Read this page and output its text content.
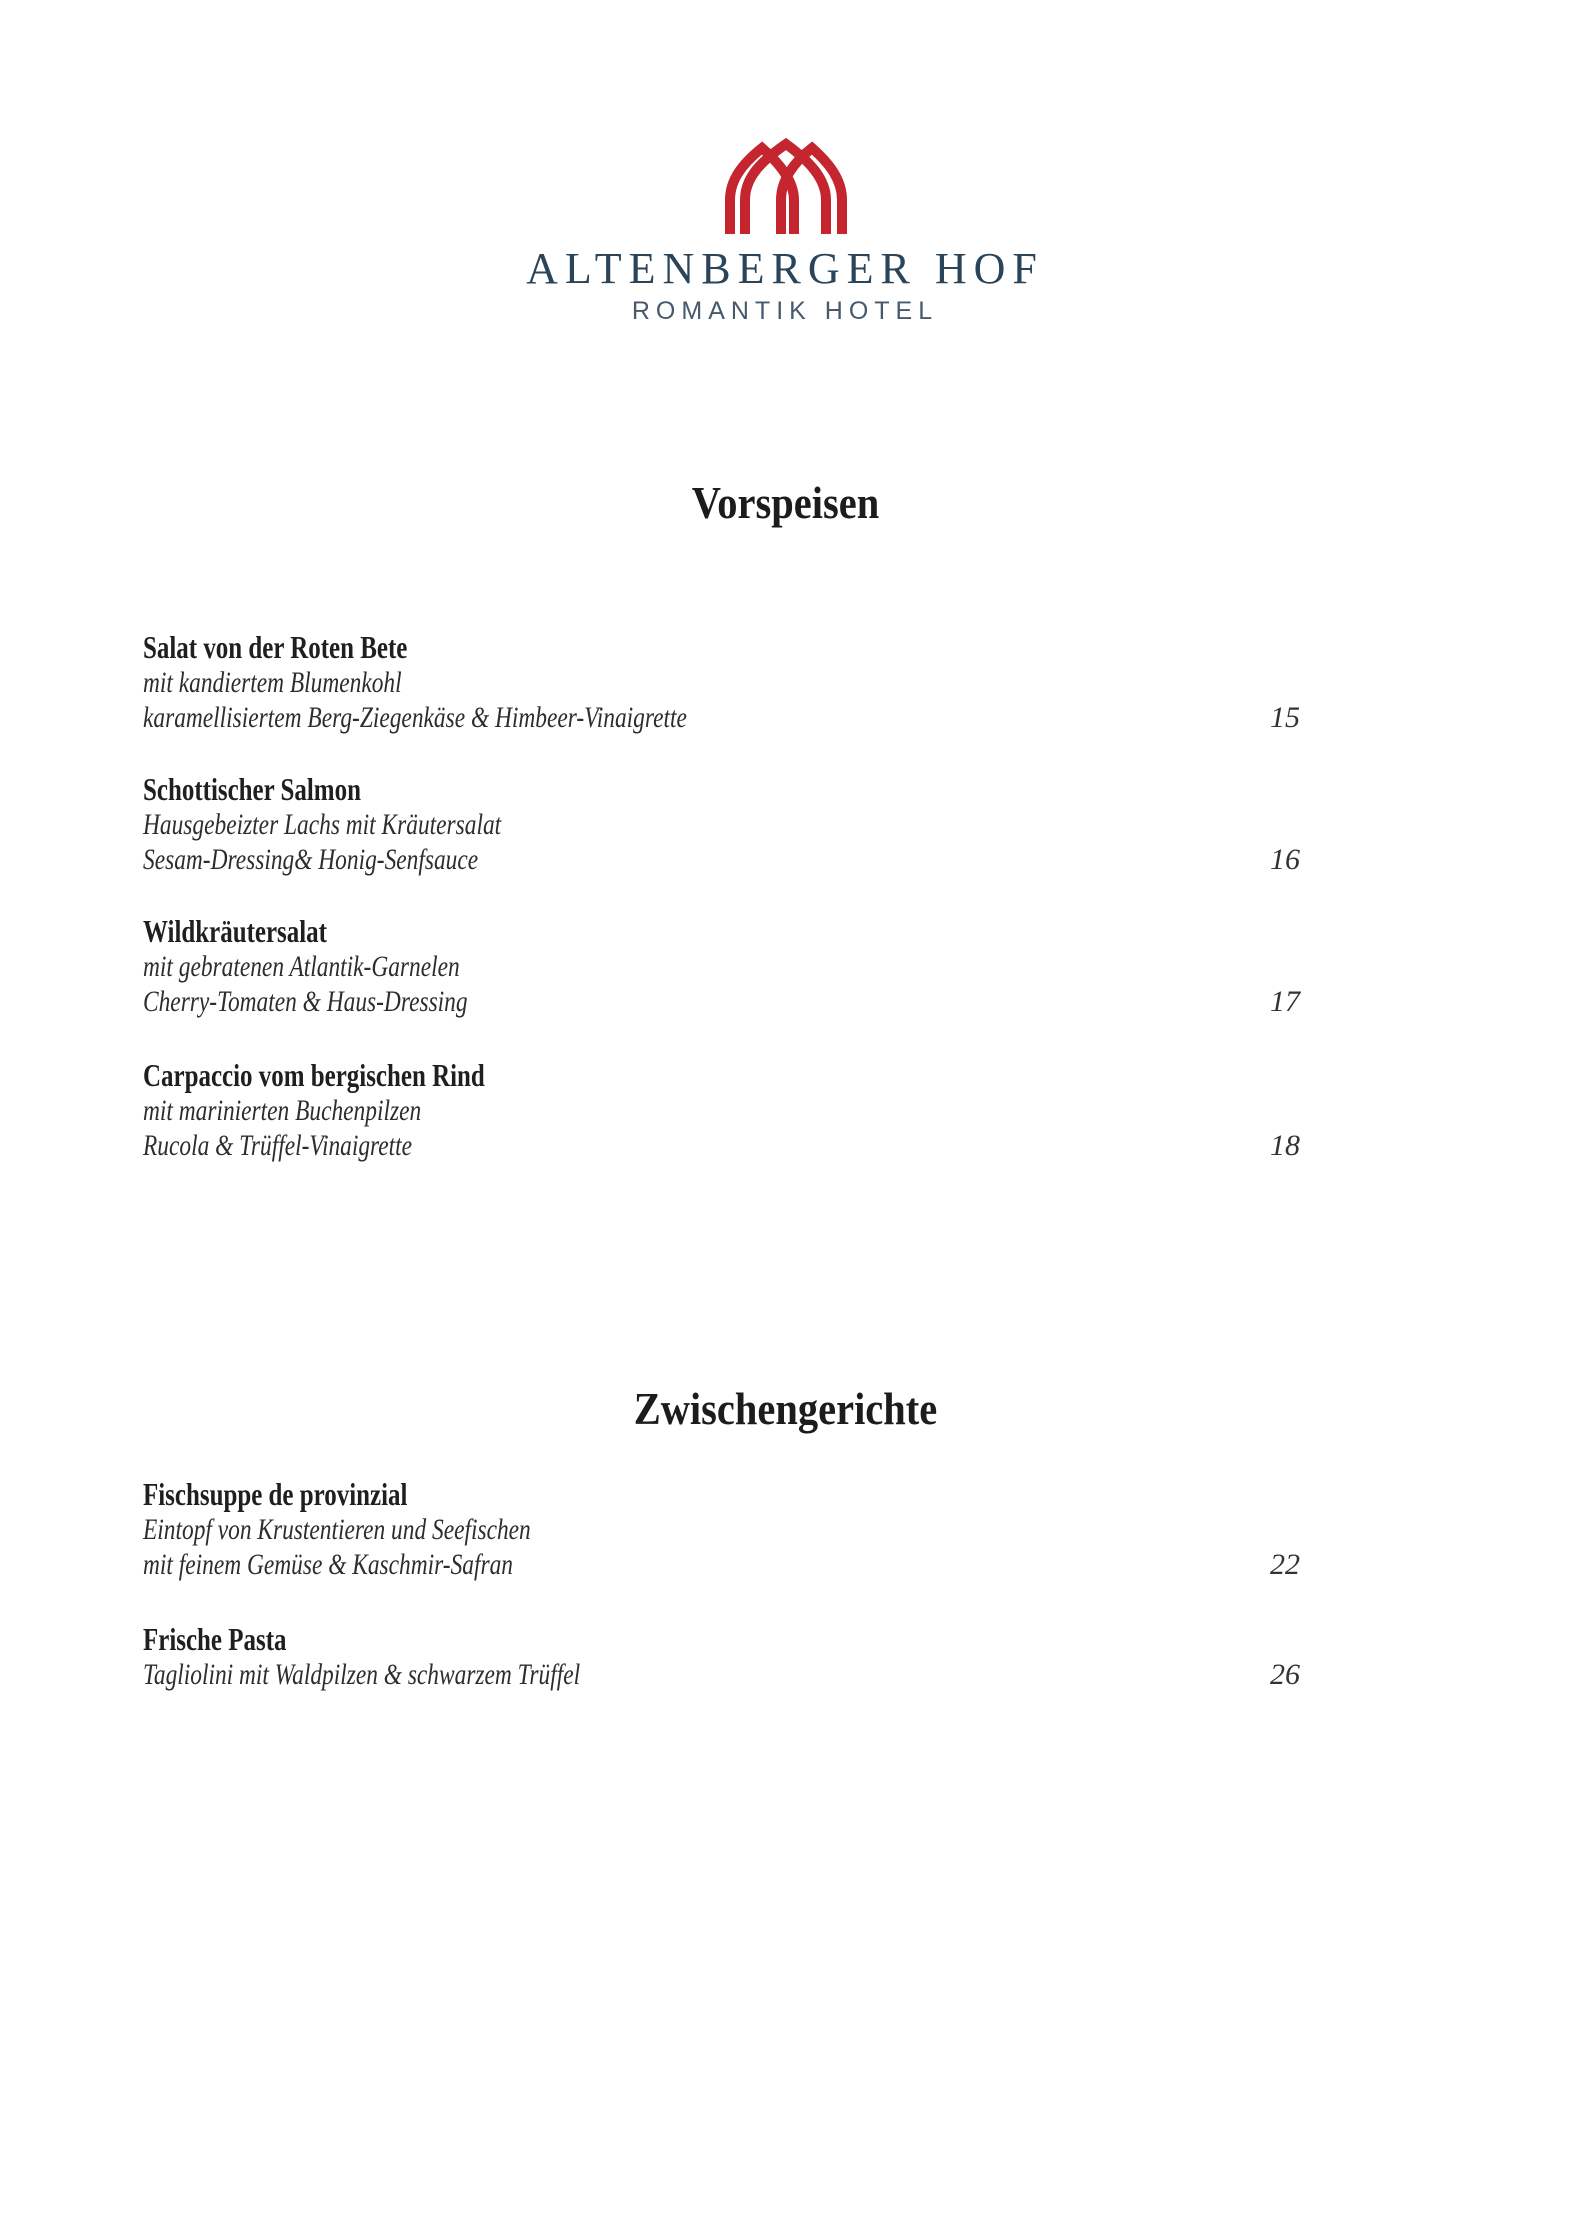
ALTENBERGER HOF
ROMANTIK HOTEL
Vorspeisen
Salat von der Roten Bete
mit kandiertem Blumenkohl
karamellisiertem Berg-Ziegenkäse & Himbeer-Vinaigrette	15
Schottischer Salmon
Hausgebeizter Lachs mit Kräutersalat
Sesam-Dressing& Honig-Senfsauce	16
Wildkräutersalat
mit gebratenen Atlantik-Garnelen
Cherry-Tomaten & Haus-Dressing	17
Carpaccio vom bergischen Rind
mit marinierten Buchenpilzen
Rucola & Trüffel-Vinaigrette	18
Zwischengerichte
Fischsuppe de provinzial
Eintopf von Krustentieren und Seefischen
mit feinem Gemüse & Kaschmir-Safran	22
Frische Pasta
Tagliolini mit Waldpilzen & schwarzem Trüffel	26
